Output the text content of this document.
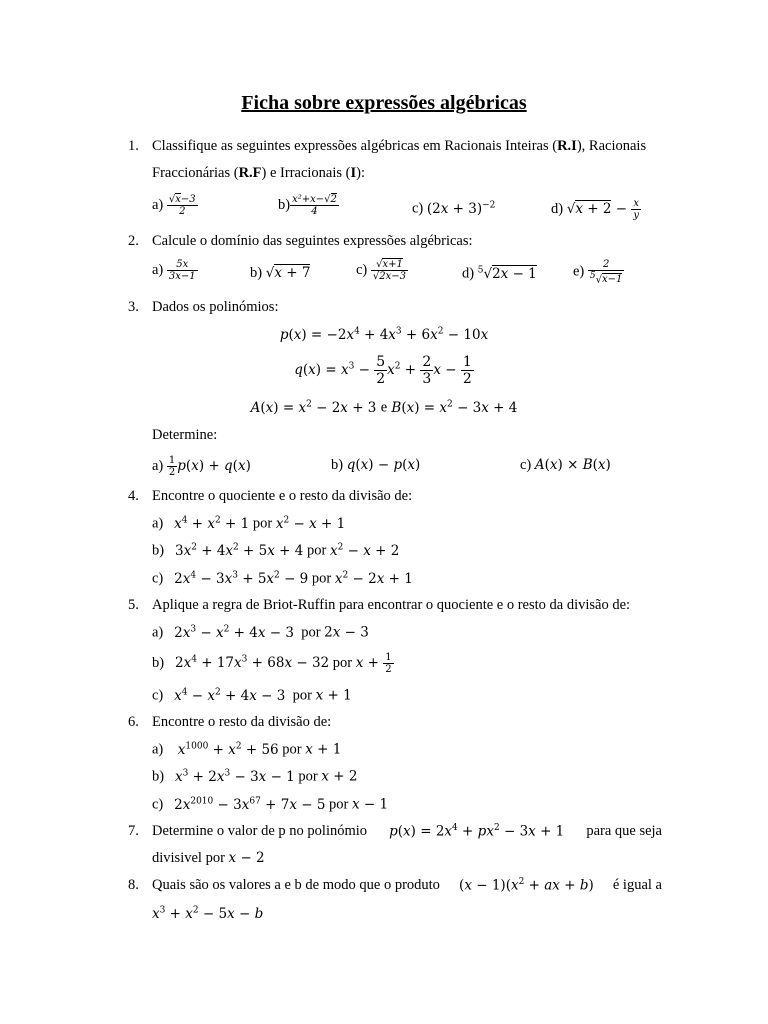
Ficha sobre expressões algébricas
1. Classifique as seguintes expressões algébricas em Racionais Inteiras (R.I), Racionais
Fraccionárias (R.F) e Irracionais (I):
$a) \frac{√x-3}{2}$	$b) \frac{\text{x²+x−√2}}{4}$	c) $(2x + 3)^{-2}$	d) $√x + 2 - \frac{x}{y}$
2. Calcule o domínio das seguintes expressões algébricas:
$a) \frac{5x}{3x-1}$	b) √x + 7	$c) \frac{√x+1}{√2x-3}$	d) $^5$√2x − 1 $e) \frac{2}{^5√x-1}$
3. Dados os polinómios:
$p(x) = -2x^4 + 4x^3 + 6x^2 - 10x$
$q(x) = x^3 - \frac{5}{2} x^2 + \frac{2}{3}$ $x - \frac{1}{2}$
$A(x) = x^2 - 2x + 3$ e $B(x) = x^2 - 3x + 4$
Determine:
$a) \frac{1}{2} p(x) + q(x)$	b) q(x) − p(x)	c) A(x) × B(x)
4. Encontre o quociente e o resto da divisão de:
a) $x^4 + x^2 + 1$ por $x^2 - x + 1$
b) $3x^2 + 4x^2 + 5x + 4$ por $x^2 - x + 2$
c) $2x^4 - 3x^3 + 5x^2 - 9$ por $x^2 - 2x + 1$
5. Aplique a regra de Briot-Ruffin para encontrar o quociente e o resto da divisão de:
a) $2x^3 - x^2 + 4x - 3$ por 2x − 3
b) $2x^4 + 17x^3 + 68x - 32$ por $x + \frac{1}{2}$
c) $x^4 - x^2 + 4x - 3$ por x + 1
6. Encontre o resto da divisão de:
a) $x^{1000} + x^2 + 56$ por x + 1
b) $x^3 + 2x^3 - 3x - 1$ por x + 2
c) $2x^{2010} - 3x^{67} + 7x - 5$ por x − 1
7. Determine o valor de p no polinómio $p(x) = 2x^4 + px^2 - 3x + 1$ para que seja
divisivel por x − 2
8. Quais são os valores a e b de modo que o produto $(x - 1)(x^2$ + ax + b) é igual a
$x^3 + x^2 - 5x - b$
